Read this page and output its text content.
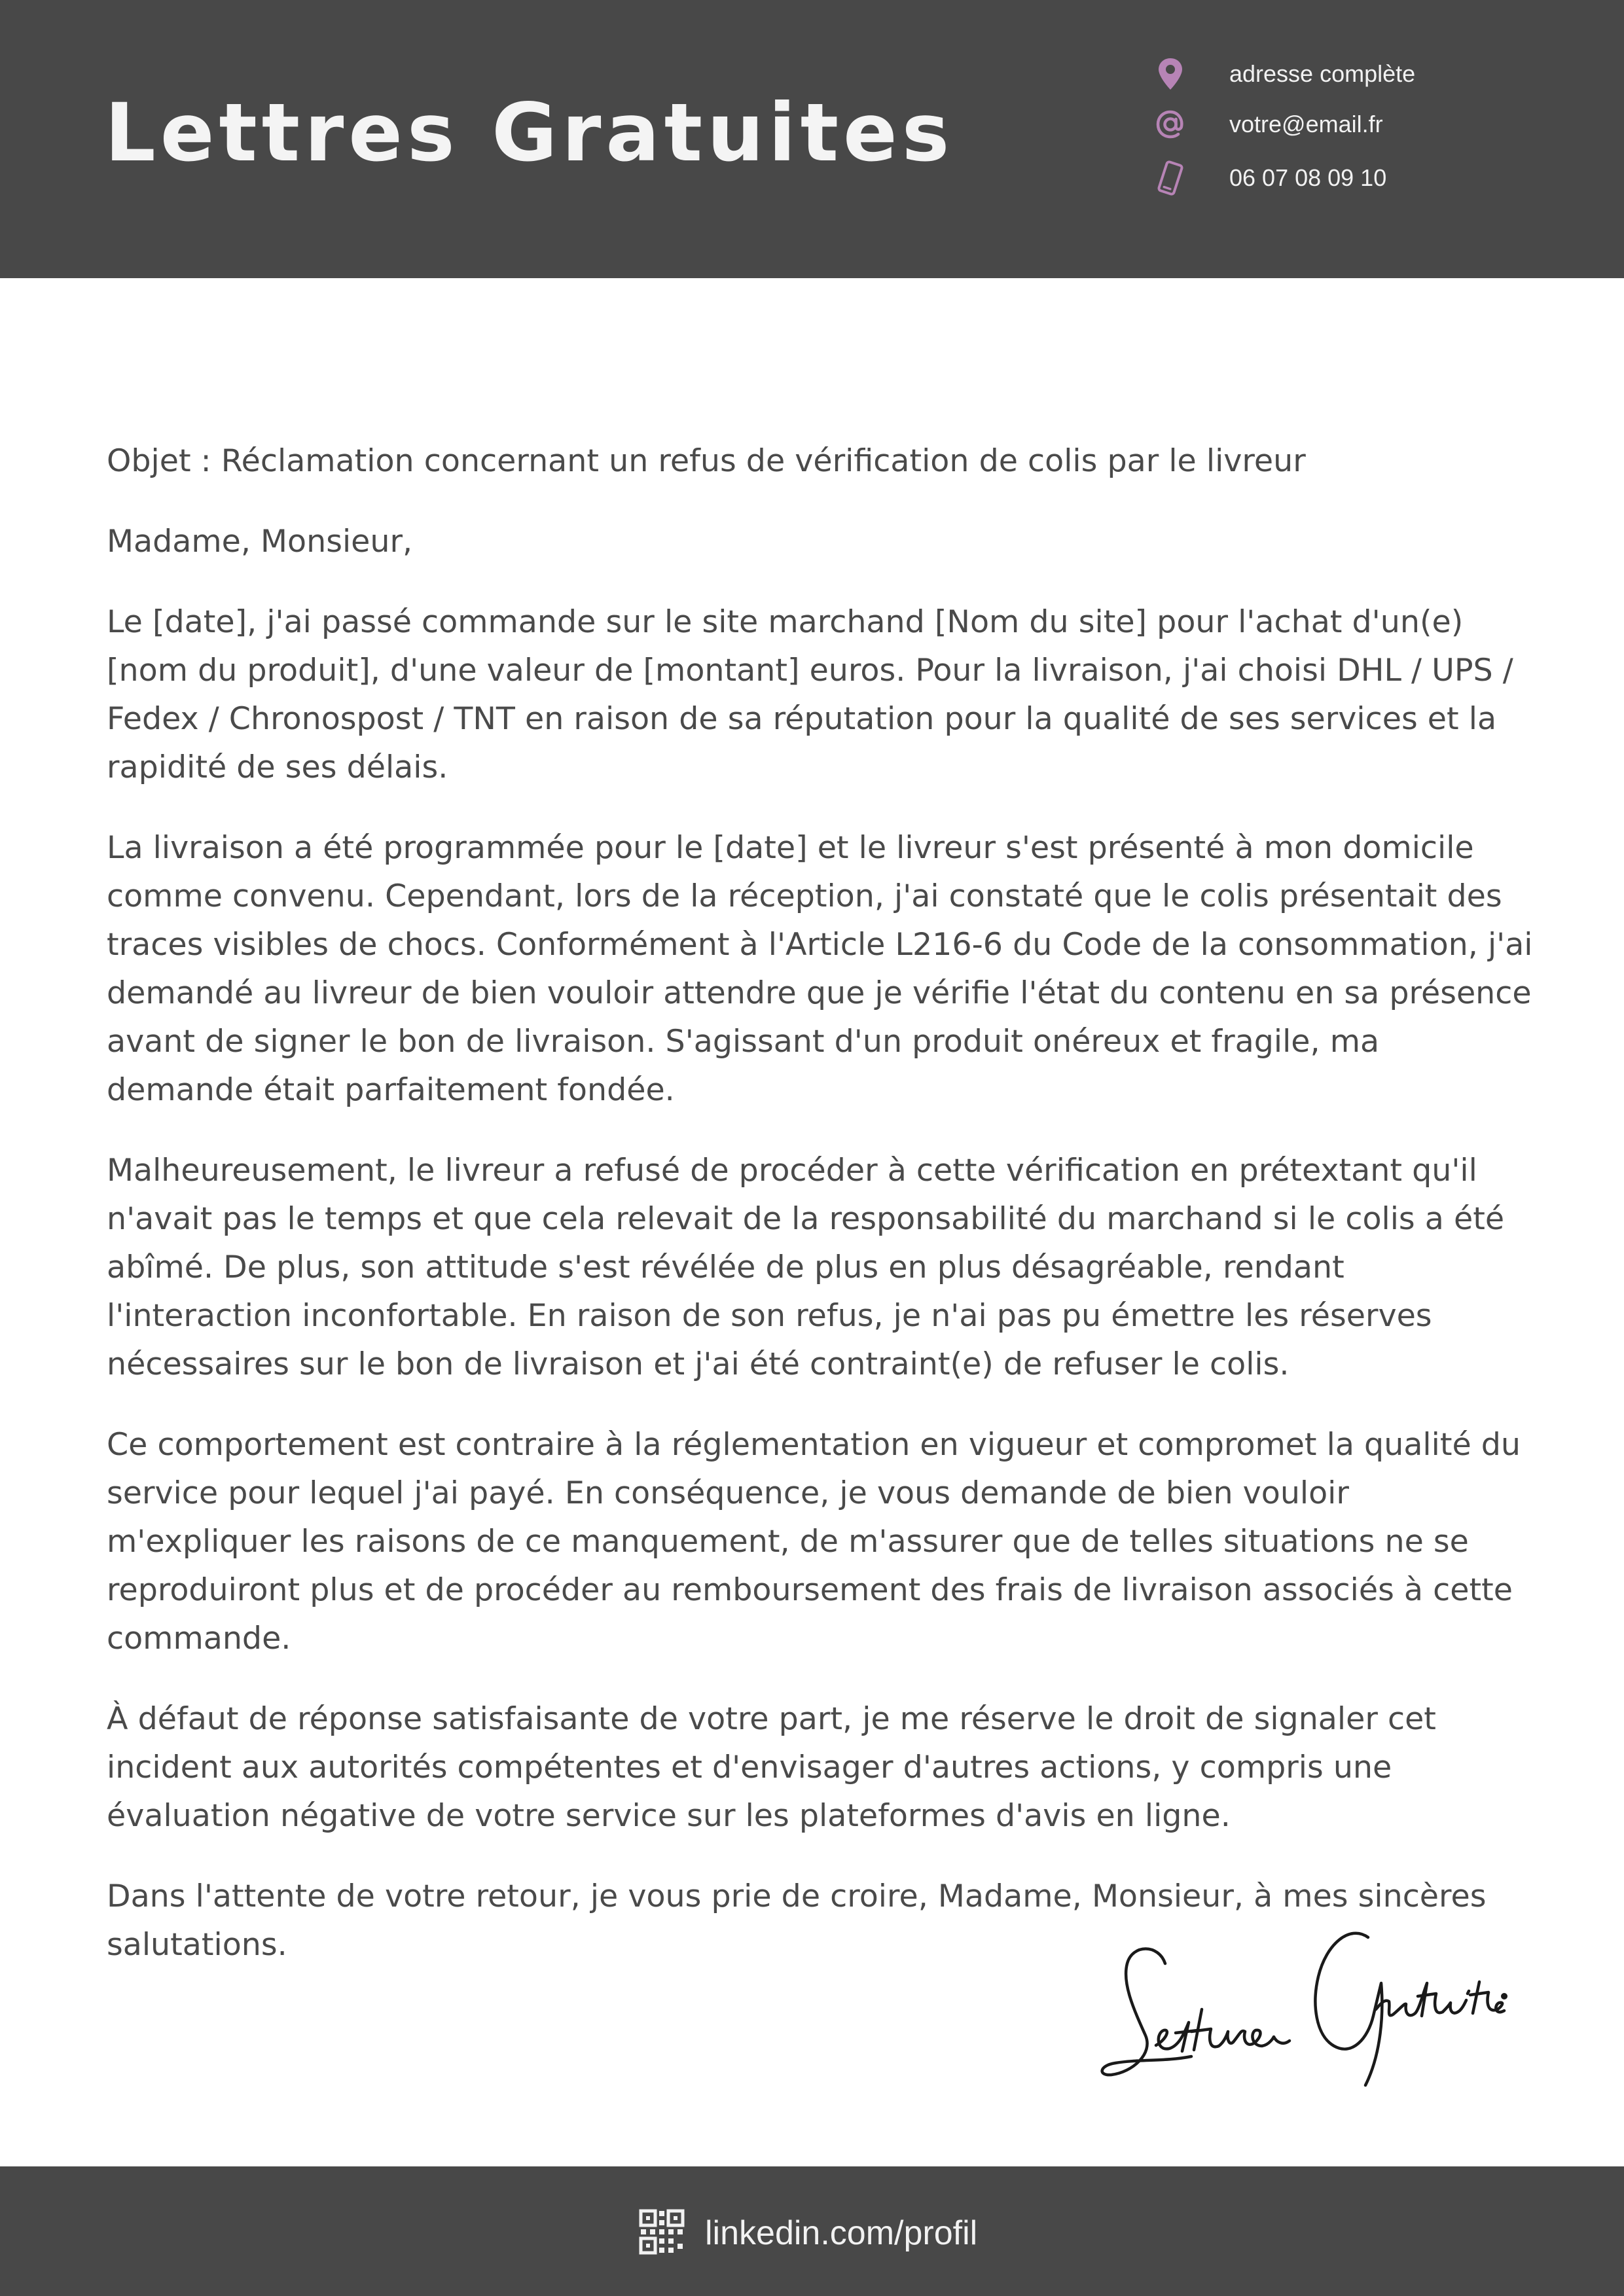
Lettres Gratuites
adresse complète
votre@email.fr
06 07 08 09 10

Objet : Réclamation concernant un refus de vérification de colis par le livreur

Madame, Monsieur,

Le [date], j'ai passé commande sur le site marchand [Nom du site] pour l'achat d'un(e) [nom du produit], d'une valeur de [montant] euros. Pour la livraison, j'ai choisi DHL / UPS / Fedex / Chronospost / TNT en raison de sa réputation pour la qualité de ses services et la rapidité de ses délais.

La livraison a été programmée pour le [date] et le livreur s'est présenté à mon domicile comme convenu. Cependant, lors de la réception, j'ai constaté que le colis présentait des traces visibles de chocs. Conformément à l'Article L216-6 du Code de la consommation, j'ai demandé au livreur de bien vouloir attendre que je vérifie l'état du contenu en sa présence avant de signer le bon de livraison. S'agissant d'un produit onéreux et fragile, ma demande était parfaitement fondée.

Malheureusement, le livreur a refusé de procéder à cette vérification en prétextant qu'il n'avait pas le temps et que cela relevait de la responsabilité du marchand si le colis a été abîmé. De plus, son attitude s'est révélée de plus en plus désagréable, rendant l'interaction inconfortable. En raison de son refus, je n'ai pas pu émettre les réserves nécessaires sur le bon de livraison et j'ai été contraint(e) de refuser le colis.

Ce comportement est contraire à la réglementation en vigueur et compromet la qualité du service pour lequel j'ai payé. En conséquence, je vous demande de bien vouloir m'expliquer les raisons de ce manquement, de m'assurer que de telles situations ne se reproduiront plus et de procéder au remboursement des frais de livraison associés à cette commande.

À défaut de réponse satisfaisante de votre part, je me réserve le droit de signaler cet incident aux autorités compétentes et d'envisager d'autres actions, y compris une évaluation négative de votre service sur les plateformes d'avis en ligne.

Dans l'attente de votre retour, je vous prie de croire, Madame, Monsieur, à mes sincères salutations.

linkedin.com/profil
